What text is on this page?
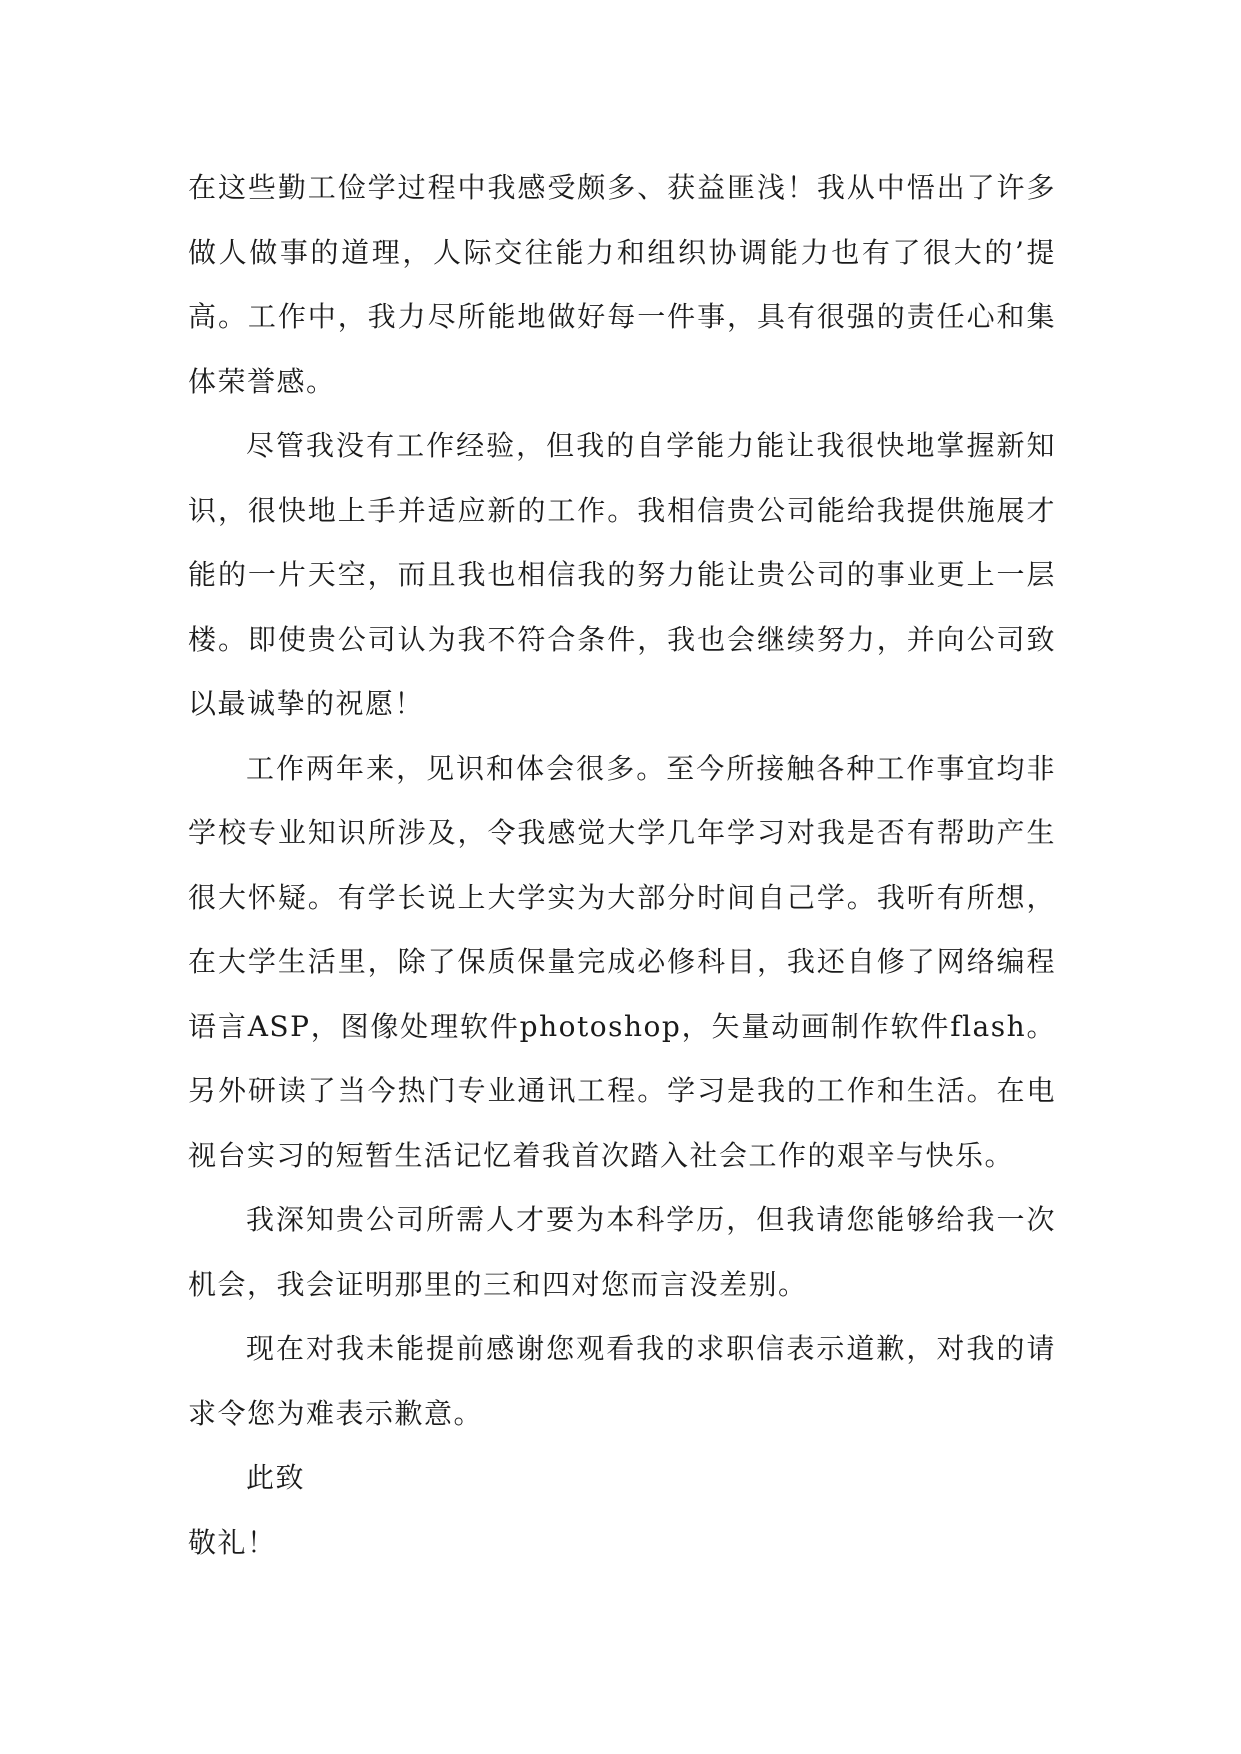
在这些勤工俭学过程中我感受颇多、获益匪浅！我从中悟出了许多做人做事的道理，人际交往能力和组织协调能力也有了很大的’提高。工作中，我力尽所能地做好每一件事，具有很强的责任心和集体荣誉感。

尽管我没有工作经验，但我的自学能力能让我很快地掌握新知识，很快地上手并适应新的工作。我相信贵公司能给我提供施展才能的一片天空，而且我也相信我的努力能让贵公司的事业更上一层楼。即使贵公司认为我不符合条件，我也会继续努力，并向公司致以最诚挚的祝愿！

工作两年来，见识和体会很多。至今所接触各种工作事宜均非学校专业知识所涉及，令我感觉大学几年学习对我是否有帮助产生很大怀疑。有学长说上大学实为大部分时间自己学。我听有所想，在大学生活里，除了保质保量完成必修科目，我还自修了网络编程语言ASP，图像处理软件photoshop，矢量动画制作软件flash。另外研读了当今热门专业通讯工程。学习是我的工作和生活。在电视台实习的短暂生活记忆着我首次踏入社会工作的艰辛与快乐。

我深知贵公司所需人才要为本科学历，但我请您能够给我一次机会，我会证明那里的三和四对您而言没差别。

现在对我未能提前感谢您观看我的求职信表示道歉，对我的请求令您为难表示歉意。

此致

敬礼！
